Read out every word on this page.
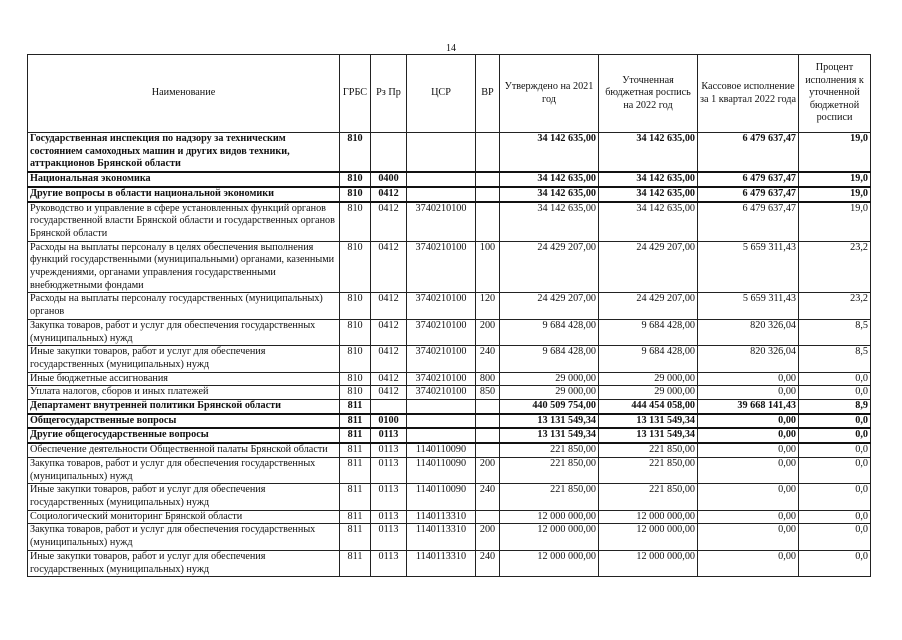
14
Наименование	ГРБС	Рз Пр	ЦСР	ВР	Утверждено на 2021 год	Уточненная бюджетная роспись на 2022 год	Кассовое исполнение за 1 квартал 2022 года	Процент исполнения к уточненной бюджетной росписи
Государственная инспекция по надзору за техническим состоянием самоходных машин и других видов техники, аттракционов Брянской области	810				34 142 635,00	34 142 635,00	6 479 637,47	19,0
Национальная экономика	810	0400			34 142 635,00	34 142 635,00	6 479 637,47	19,0
Другие вопросы в области национальной экономики	810	0412			34 142 635,00	34 142 635,00	6 479 637,47	19,0
Руководство и управление в сфере установленных функций органов государственной власти Брянской области и государственных органов Брянской области	810	0412	3740210100		34 142 635,00	34 142 635,00	6 479 637,47	19,0
Расходы на выплаты персоналу в целях обеспечения выполнения функций государственными (муниципальными) органами, казенными учреждениями, органами управления государственными внебюджетными фондами	810	0412	3740210100	100	24 429 207,00	24 429 207,00	5 659 311,43	23,2
Расходы на выплаты персоналу государственных (муниципальных) органов	810	0412	3740210100	120	24 429 207,00	24 429 207,00	5 659 311,43	23,2
Закупка товаров, работ и услуг для обеспечения государственных (муниципальных) нужд	810	0412	3740210100	200	9 684 428,00	9 684 428,00	820 326,04	8,5
Иные закупки товаров, работ и услуг для обеспечения государственных (муниципальных) нужд	810	0412	3740210100	240	9 684 428,00	9 684 428,00	820 326,04	8,5
Иные бюджетные ассигнования	810	0412	3740210100	800	29 000,00	29 000,00	0,00	0,0
Уплата налогов, сборов и иных платежей	810	0412	3740210100	850	29 000,00	29 000,00	0,00	0,0
Департамент внутренней политики Брянской области	811				440 509 754,00	444 454 058,00	39 668 141,43	8,9
Общегосударственные вопросы	811	0100			13 131 549,34	13 131 549,34	0,00	0,0
Другие общегосударственные вопросы	811	0113			13 131 549,34	13 131 549,34	0,00	0,0
Обеспечение деятельности Общественной палаты Брянской области	811	0113	1140110090		221 850,00	221 850,00	0,00	0,0
Закупка товаров, работ и услуг для обеспечения государственных (муниципальных) нужд	811	0113	1140110090	200	221 850,00	221 850,00	0,00	0,0
Иные закупки товаров, работ и услуг для обеспечения государственных (муниципальных) нужд	811	0113	1140110090	240	221 850,00	221 850,00	0,00	0,0
Социологический мониторинг Брянской области	811	0113	1140113310		12 000 000,00	12 000 000,00	0,00	0,0
Закупка товаров, работ и услуг для обеспечения государственных (муниципальных) нужд	811	0113	1140113310	200	12 000 000,00	12 000 000,00	0,00	0,0
Иные закупки товаров, работ и услуг для обеспечения государственных (муниципальных) нужд	811	0113	1140113310	240	12 000 000,00	12 000 000,00	0,00	0,0
